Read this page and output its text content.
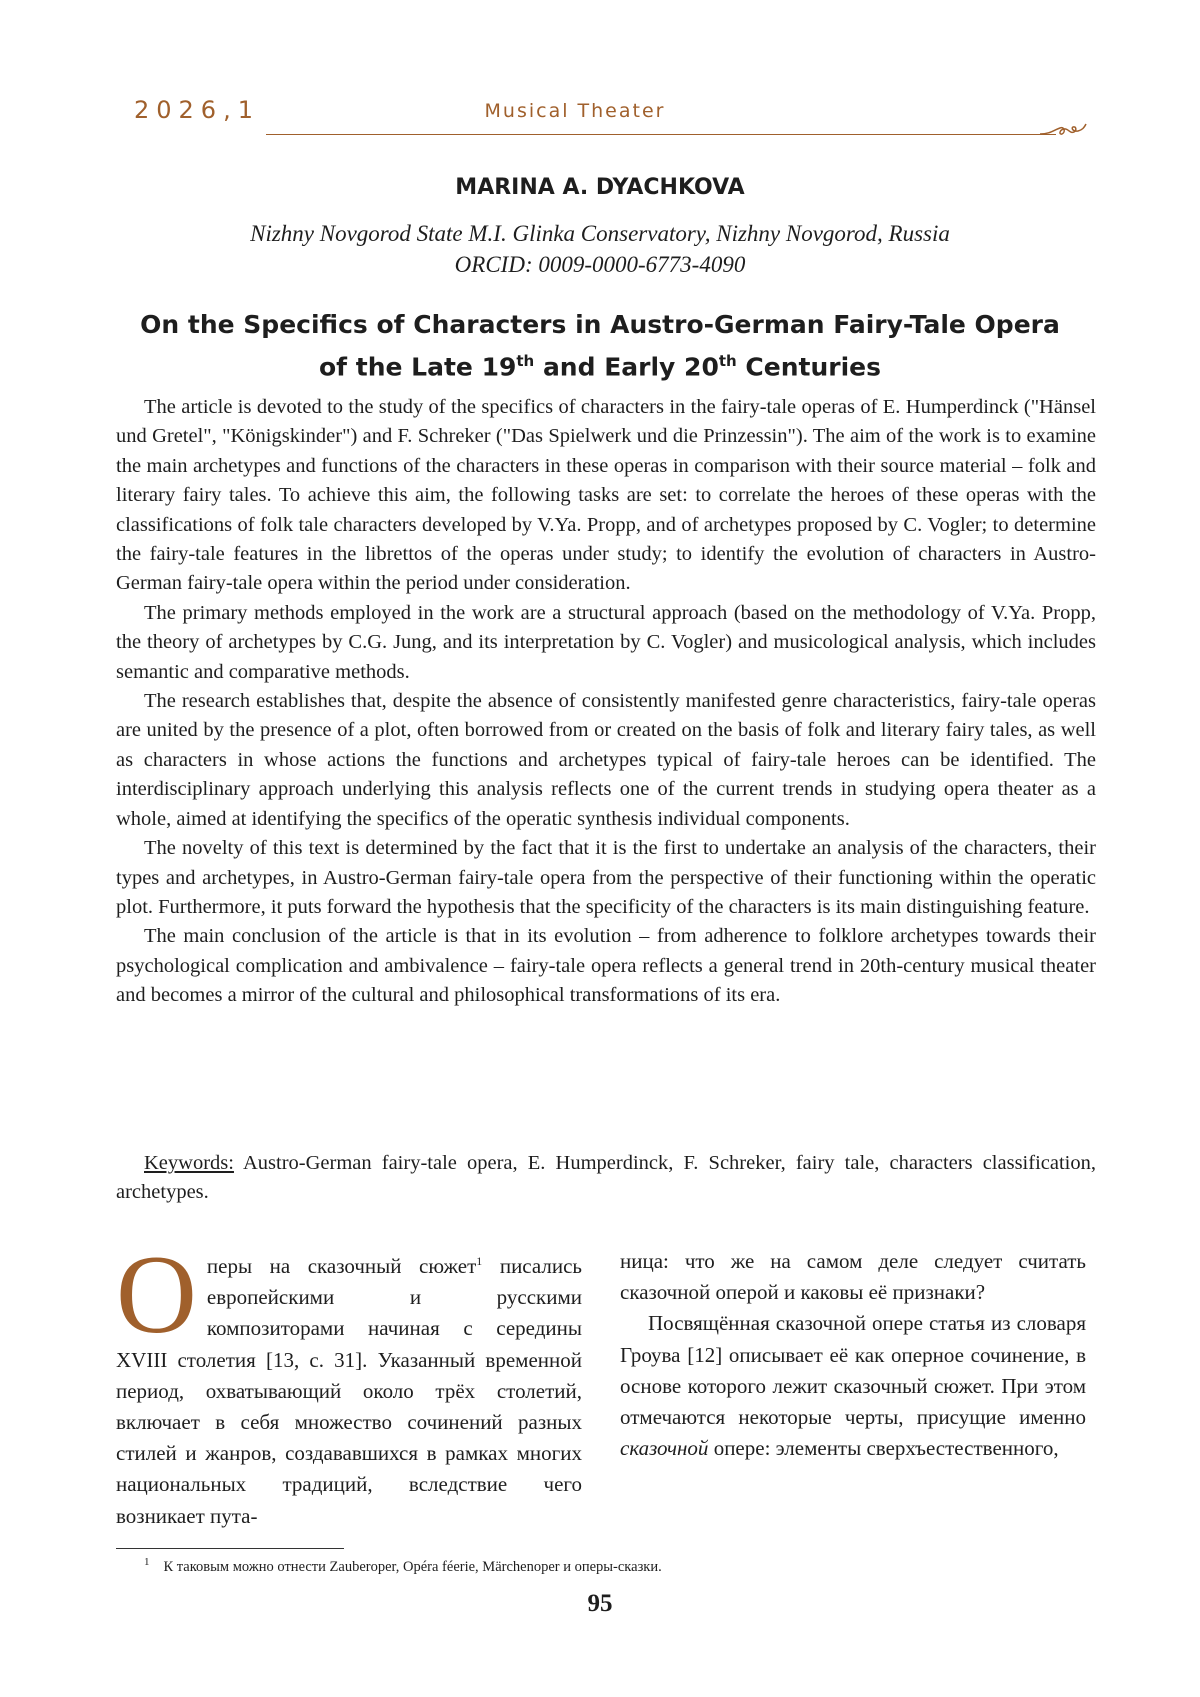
2026,1	Musical Theater
MARINA A. DYACHKOVA
Nizhny Novgorod State M.I. Glinka Conservatory, Nizhny Novgorod, Russia
ORCID: 0009-0000-6773-4090
On the Specifics of Characters in Austro-German Fairy-Tale Opera
of the Late 19th and Early 20th Centuries

The article is devoted to the study of the specifics of characters in the fairy-tale operas of E. Humperdinck ("Hänsel und Gretel", "Königskinder") and F. Schreker ("Das Spielwerk und die Prinzessin"). The aim of the work is to examine the main archetypes and functions of the characters in these operas in comparison with their source material – folk and literary fairy tales. To achieve this aim, the following tasks are set: to correlate the heroes of these operas with the classifications of folk tale characters developed by V.Ya. Propp, and of archetypes proposed by C. Vogler; to determine the fairy-tale features in the librettos of the operas under study; to identify the evolution of characters in Austro-German fairy-tale opera within the period under consideration.

The primary methods employed in the work are a structural approach (based on the methodology of V.Ya. Propp, the theory of archetypes by C.G. Jung, and its interpretation by C. Vogler) and musicological analysis, which includes semantic and comparative methods.

The research establishes that, despite the absence of consistently manifested genre characteristics, fairy-tale operas are united by the presence of a plot, often borrowed from or created on the basis of folk and literary fairy tales, as well as characters in whose actions the functions and archetypes typical of fairy-tale heroes can be identified. The interdisciplinary approach underlying this analysis reflects one of the current trends in studying opera theater as a whole, aimed at identifying the specifics of the operatic synthesis individual components.

The novelty of this text is determined by the fact that it is the first to undertake an analysis of the characters, their types and archetypes, in Austro-German fairy-tale opera from the perspective of their functioning within the operatic plot. Furthermore, it puts forward the hypothesis that the specificity of the characters is its main distinguishing feature.

The main conclusion of the article is that in its evolution – from adherence to folklore archetypes towards their psychological complication and ambivalence – fairy-tale opera reflects a general trend in 20th-century musical theater and becomes a mirror of the cultural and philosophical transformations of its era.

Keywords: Austro-German fairy-tale opera, E. Humperdinck, F. Schreker, fairy tale, characters classification, archetypes.

Оперы на сказочный сюжет$^1$ писались европейскими и русскими композиторами начиная с середины XVIII столетия [13, с. 31]. Указанный временной период, охватывающий около трёх столетий, включает в себя множество сочинений разных стилей и жанров, создававшихся в рамках многих национальных традиций, вследствие чего возникает пута-

ница: что же на самом деле следует считать сказочной оперой и каковы её признаки?

Посвящённая сказочной опере статья из словаря Гроува [12] описывает её как оперное сочинение, в основе которого лежит сказочный сюжет. При этом отмечаются некоторые черты, присущие именно сказочной опере: элементы сверхъестественного,

$^1$ К таковым можно отнести Zauberoper, Opéra féerie, Märchenoper и оперы-сказки.
95
